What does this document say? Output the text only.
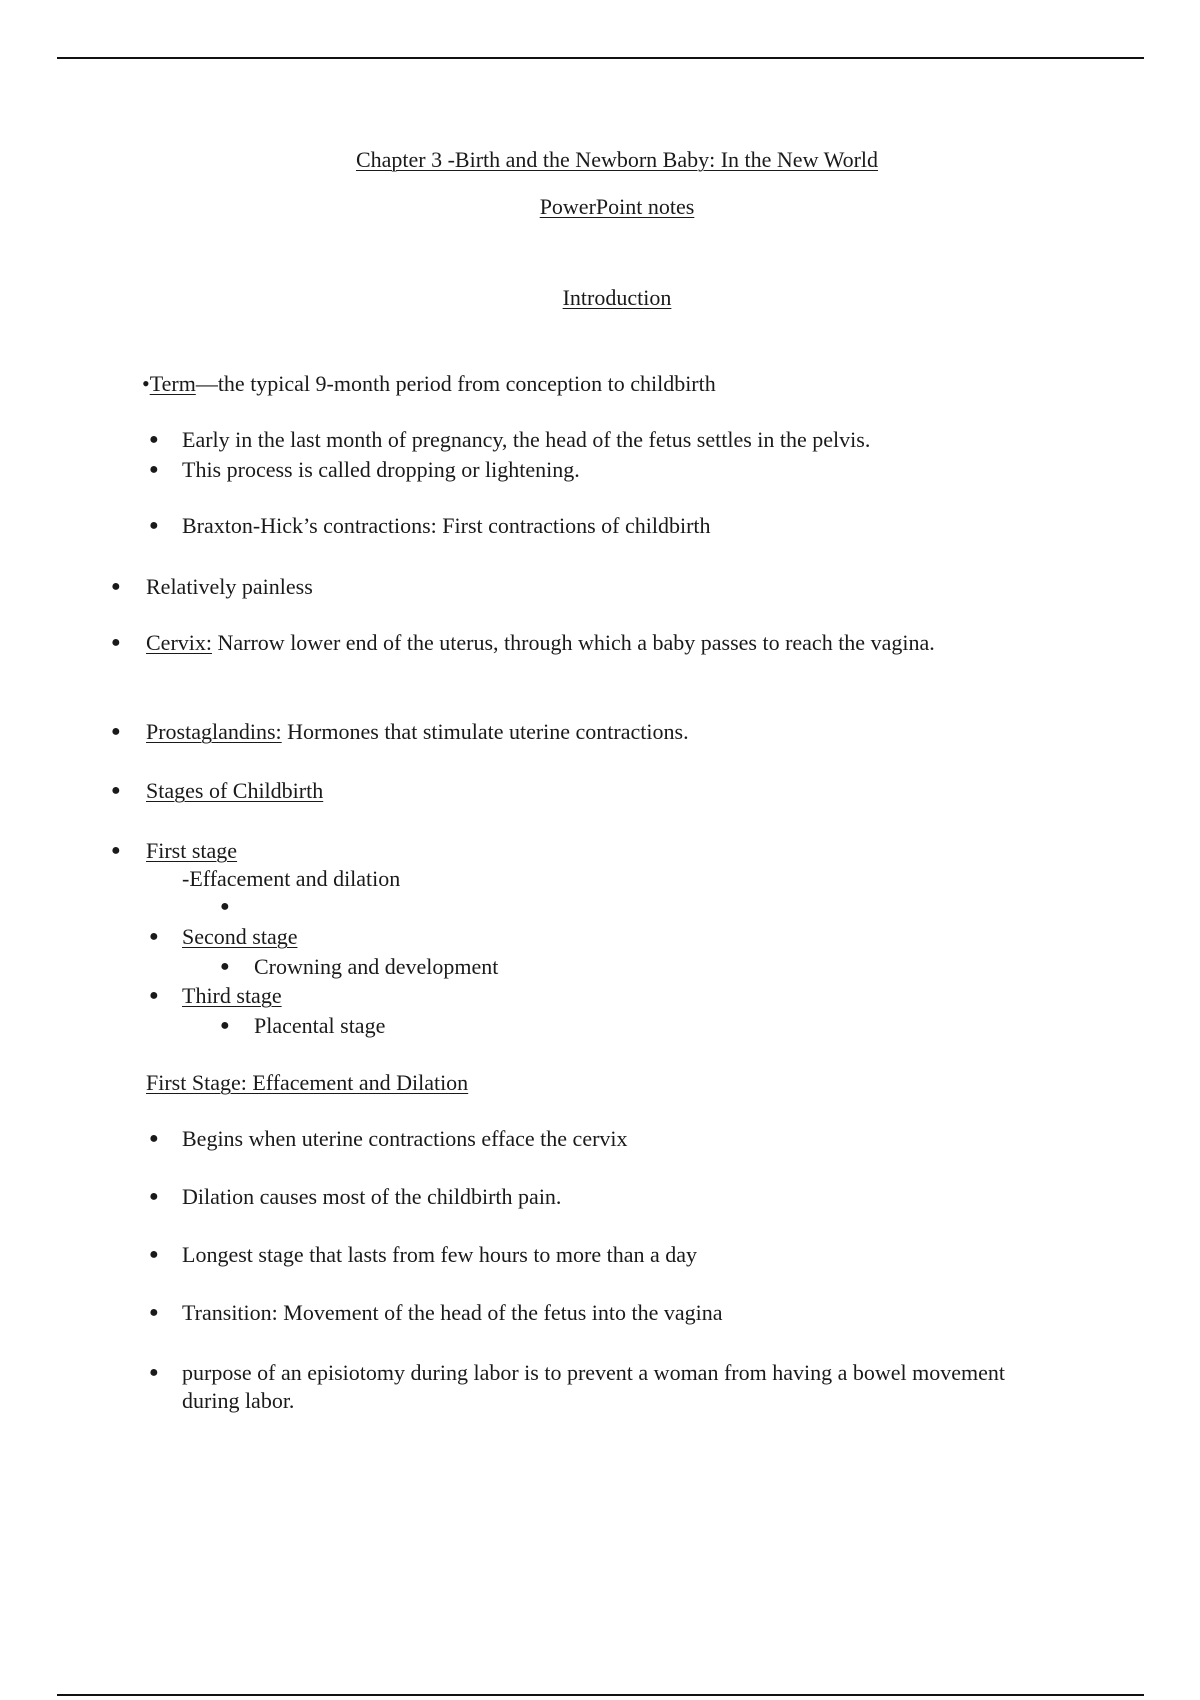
Chapter 3 -Birth and the Newborn Baby: In the New World
PowerPoint notes
Introduction
•Term—the typical 9-month period from conception to childbirth
● Early in the last month of pregnancy, the head of the fetus settles in the pelvis.
● This process is called dropping or lightening.
● Braxton-Hick’s contractions: First contractions of childbirth
● Relatively painless
● Cervix: Narrow lower end of the uterus, through which a baby passes to reach the vagina.
● Prostaglandins: Hormones that stimulate uterine contractions.
● Stages of Childbirth
● First stage
-Effacement and dilation
●
● Second stage
● Crowning and development
● Third stage
● Placental stage
First Stage: Effacement and Dilation
● Begins when uterine contractions efface the cervix
● Dilation causes most of the childbirth pain.
● Longest stage that lasts from few hours to more than a day
● Transition: Movement of the head of the fetus into the vagina
● purpose of an episiotomy during labor is to prevent a woman from having a bowel movement
during labor.
